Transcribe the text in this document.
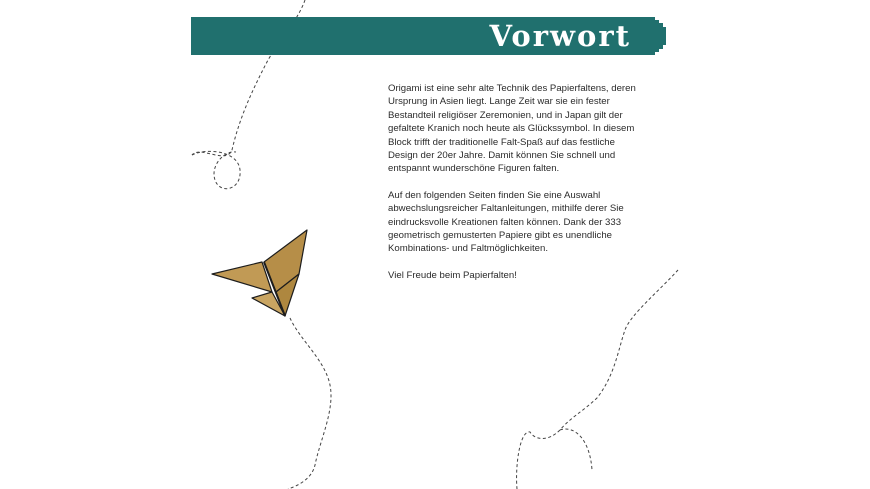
Vorwort

Origami ist eine sehr alte Technik des Papierfaltens, deren Ursprung in Asien liegt. Lange Zeit war sie ein fester Bestandteil religiöser Zeremonien, und in Japan gilt der gefaltete Kranich noch heute als Glückssymbol. In diesem Block trifft der traditionelle Falt-Spaß auf das festliche Design der 20er Jahre. Damit können Sie schnell und entspannt wunderschöne Figuren falten.

Auf den folgenden Seiten finden Sie eine Auswahl abwechslungsreicher Faltanleitungen, mithilfe derer Sie eindrucksvolle Kreationen falten können. Dank der 333 geometrisch gemusterten Papiere gibt es unendliche Kombinations- und Faltmöglichkeiten.

Viel Freude beim Papierfalten!
